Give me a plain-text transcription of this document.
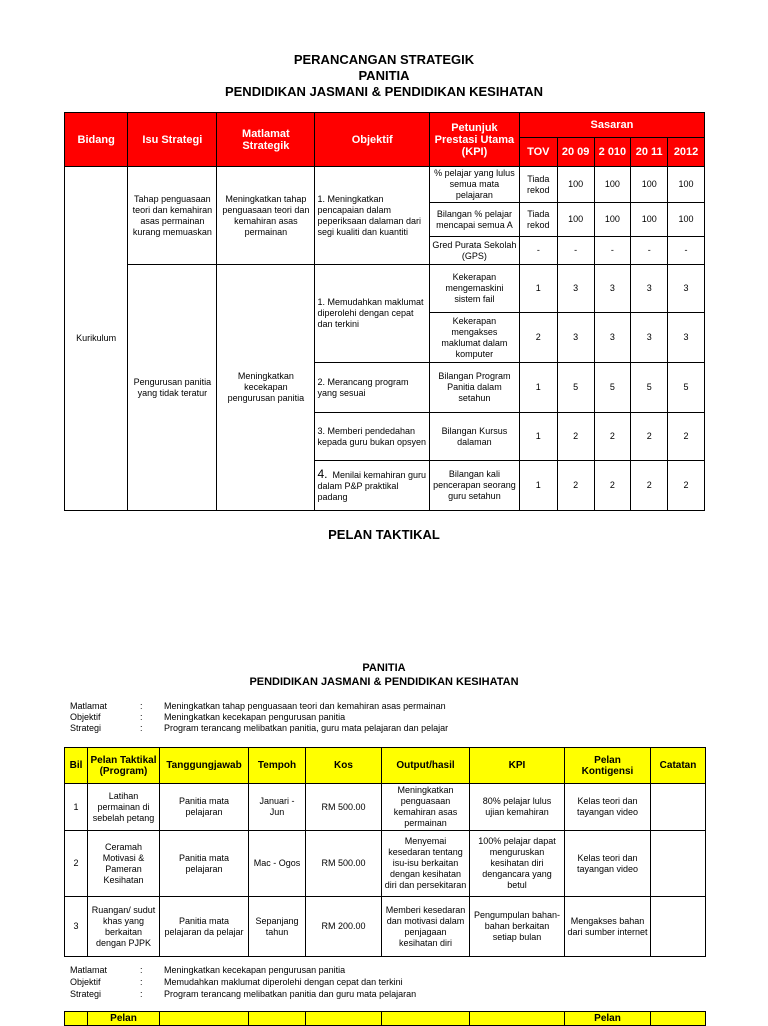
PERANCANGAN STRATEGIK
PANITIA
PENDIDIKAN JASMANI & PENDIDIKAN KESIHATAN
Bidang	Isu Strategi	Matlamat Strategik	Objektif	Petunjuk Prestasi Utama (KPI)	Sasaran				
					TOV	20 09	2 010	20 11	2012
Kurikulum	Tahap penguasaan teori dan kemahiran asas permainan kurang memuaskan	Meningkatkan tahap penguasaan teori dan kemahiran asas permainan	1. Meningkatkan pencapaian dalam peperiksaan dalaman dari segi kualiti dan kuantiti	% pelajar yang lulus semua mata pelajaran	Tiada rekod	100	100	100	100
				Bilangan % pelajar mencapai semua A	Tiada rekod	100	100	100	100
				Gred Purata Sekolah (GPS)	-	-	-	-	-
	Pengurusan panitia yang tidak teratur	Meningkatkan kecekapan pengurusan panitia	1. Memudahkan maklumat diperolehi dengan cepat dan terkini	Kekerapan mengemaskini sistem fail	1	3	3	3	3
				Kekerapan mengakses maklumat dalam komputer	2	3	3	3	3
			2. Merancang program yang sesuai	Bilangan Program Panitia dalam setahun	1	5	5	5	5
			3. Memberi pendedahan kepada guru bukan opsyen	Bilangan Kursus dalaman	1	2	2	2	2
			4. Menilai kemahiran guru dalam P&P praktikal padang	Bilangan kali pencerapan seorang guru setahun	1	2	2	2	2
PELAN TAKTIKAL
PANITIA
PENDIDIKAN JASMANI & PENDIDIKAN KESIHATAN
Matlamat	: Meningkatkan tahap penguasaan teori dan kemahiran asas permainan
Objektif	: Meningkatkan kecekapan pengurusan panitia
Strategi	: Program terancang melibatkan panitia, guru mata pelajaran dan pelajar
Bil	Pelan Taktikal (Program)	Tanggungjawab	Tempoh	Kos	Output/hasil	KPI	Pelan Kontigensi	Catatan
1	Latihan permainan di sebelah petang	Panitia mata pelajaran	Januari - Jun	RM 500.00	Meningkatkan penguasaan kemahiran asas permainan	80% pelajar lulus ujian kemahiran	Kelas teori dan tayangan video	
2	Ceramah Motivasi & Pameran Kesihatan	Panitia mata pelajaran	Mac - Ogos	RM 500.00	Menyemai kesedaran tentang isu-isu berkaitan dengan kesihatan diri dan persekitaran	100% pelajar dapat menguruskan kesihatan diri dengancara yang betul	Kelas teori dan tayangan video	
3	Ruangan/ sudut khas yang berkaitan dengan PJPK	Panitia mata pelajaran da pelajar	Sepanjang tahun	RM 200.00	Memberi kesedaran dan motivasi dalam penjagaan kesihatan diri	Pengumpulan bahan-bahan berkaitan setiap bulan	Mengakses bahan dari sumber internet	
Matlamat	: Meningkatkan kecekapan pengurusan panitia
Objektif	: Memudahkan maklumat diperolehi dengan cepat dan terkini
Strategi	: Program terancang melibatkan panitia dan guru mata pelajaran
	Pelan						Pelan	
